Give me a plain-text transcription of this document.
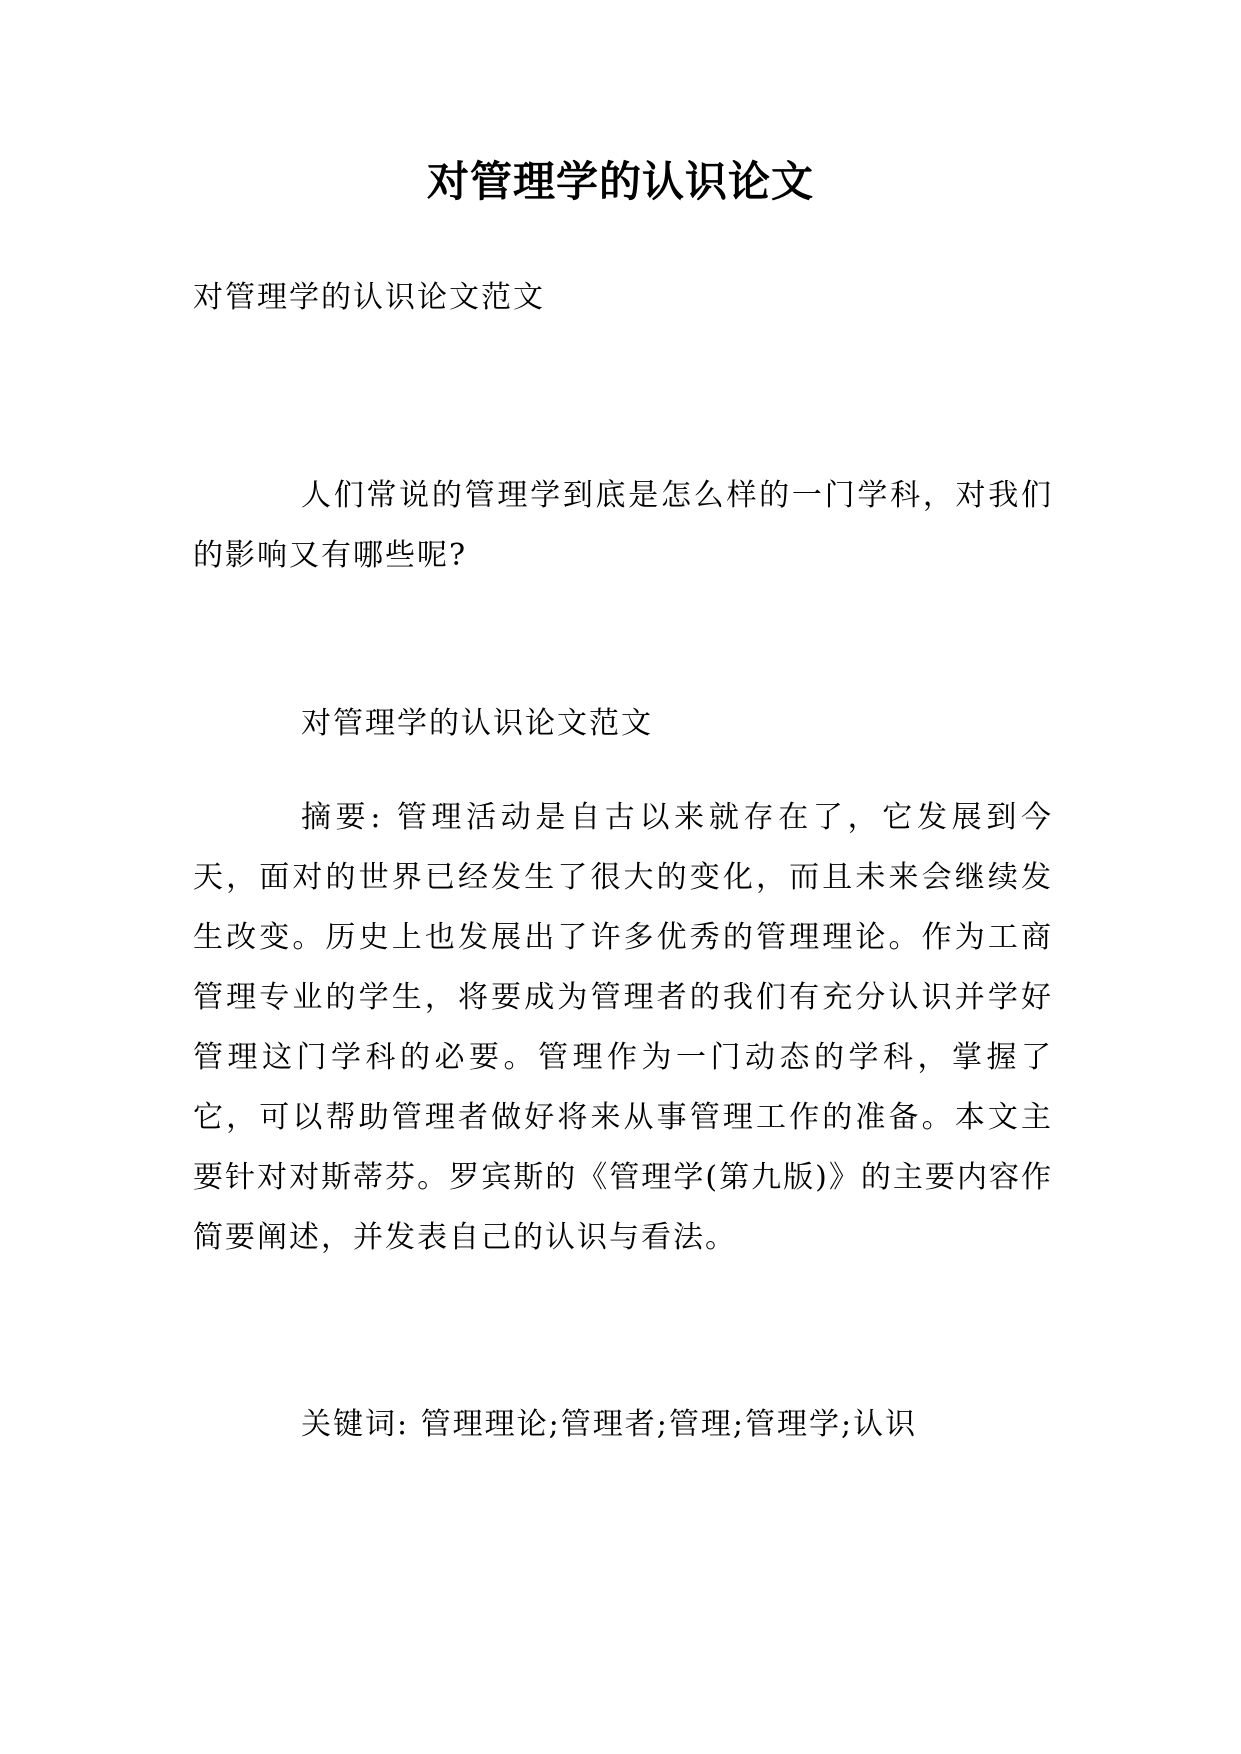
对管理学的认识论文

对管理学的认识论文范文

人们常说的管理学到底是怎么样的一门学科，对我们的影响又有哪些呢?

对管理学的认识论文范文

摘要: 管理活动是自古以来就存在了，它发展到今天，面对的世界已经发生了很大的变化，而且未来会继续发生改变。历史上也发展出了许多优秀的管理理论。作为工商管理专业的学生，将要成为管理者的我们有充分认识并学好管理这门学科的必要。管理作为一门动态的学科，掌握了它，可以帮助管理者做好将来从事管理工作的准备。本文主要针对对斯蒂芬。罗宾斯的《管理学(第九版)》的主要内容作简要阐述，并发表自己的认识与看法。

关键词: 管理理论;管理者;管理;管理学;认识
